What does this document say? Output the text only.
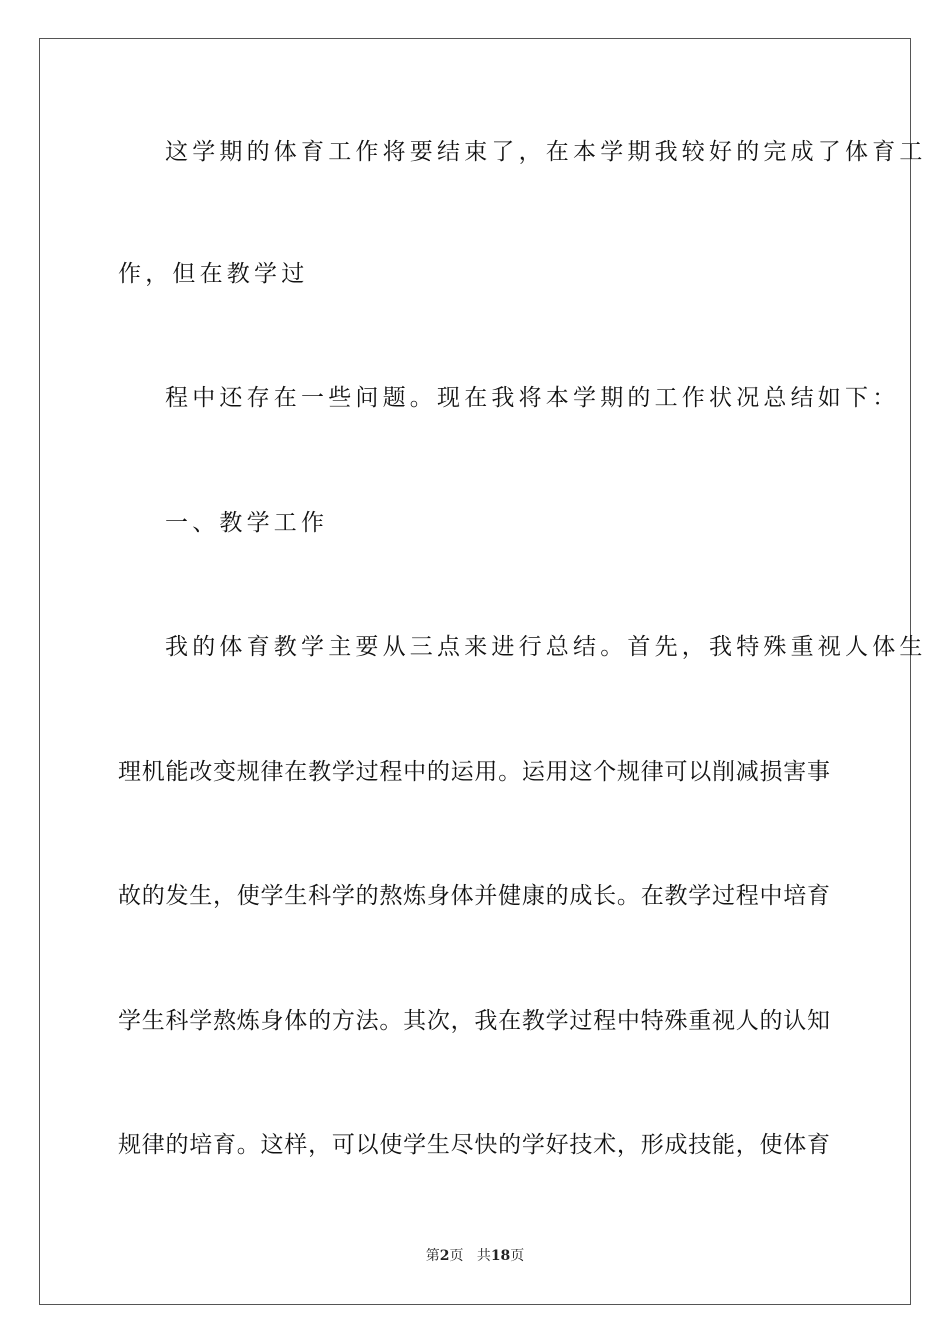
这学期的体育工作将要结束了，在本学期我较好的完成了体育工
作，但在教学过
程中还存在一些问题。现在我将本学期的工作状况总结如下：
一、教学工作
我的体育教学主要从三点来进行总结。首先，我特殊重视人体生
理机能改变规律在教学过程中的运用。运用这个规律可以削减损害事
故的发生，使学生科学的熬炼身体并健康的成长。在教学过程中培育
学生科学熬炼身体的方法。其次，我在教学过程中特殊重视人的认知
规律的培育。这样，可以使学生尽快的学好技术，形成技能，使体育
第2页 共18页
